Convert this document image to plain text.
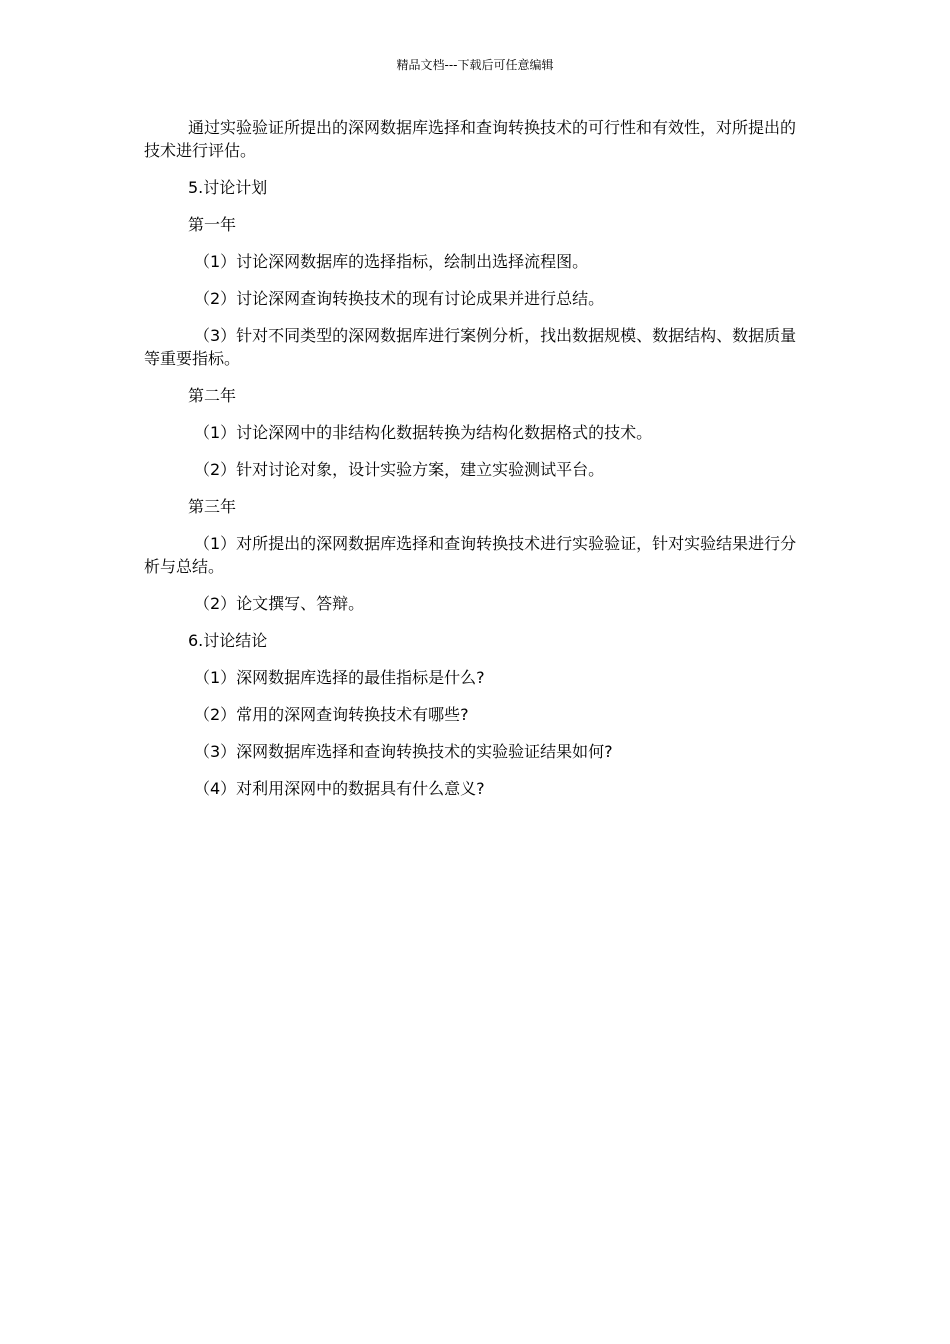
精品文档---下载后可任意编辑

通过实验验证所提出的深网数据库选择和查询转换技术的可行性和有效性，对所提出的技术进行评估。

5.讨论计划

第一年

（1）讨论深网数据库的选择指标，绘制出选择流程图。

（2）讨论深网查询转换技术的现有讨论成果并进行总结。

（3）针对不同类型的深网数据库进行案例分析，找出数据规模、数据结构、数据质量等重要指标。

第二年

（1）讨论深网中的非结构化数据转换为结构化数据格式的技术。

（2）针对讨论对象，设计实验方案，建立实验测试平台。

第三年

（1）对所提出的深网数据库选择和查询转换技术进行实验验证，针对实验结果进行分析与总结。

（2）论文撰写、答辩。

6.讨论结论

（1）深网数据库选择的最佳指标是什么?

（2）常用的深网查询转换技术有哪些?

（3）深网数据库选择和查询转换技术的实验验证结果如何?

（4）对利用深网中的数据具有什么意义?
